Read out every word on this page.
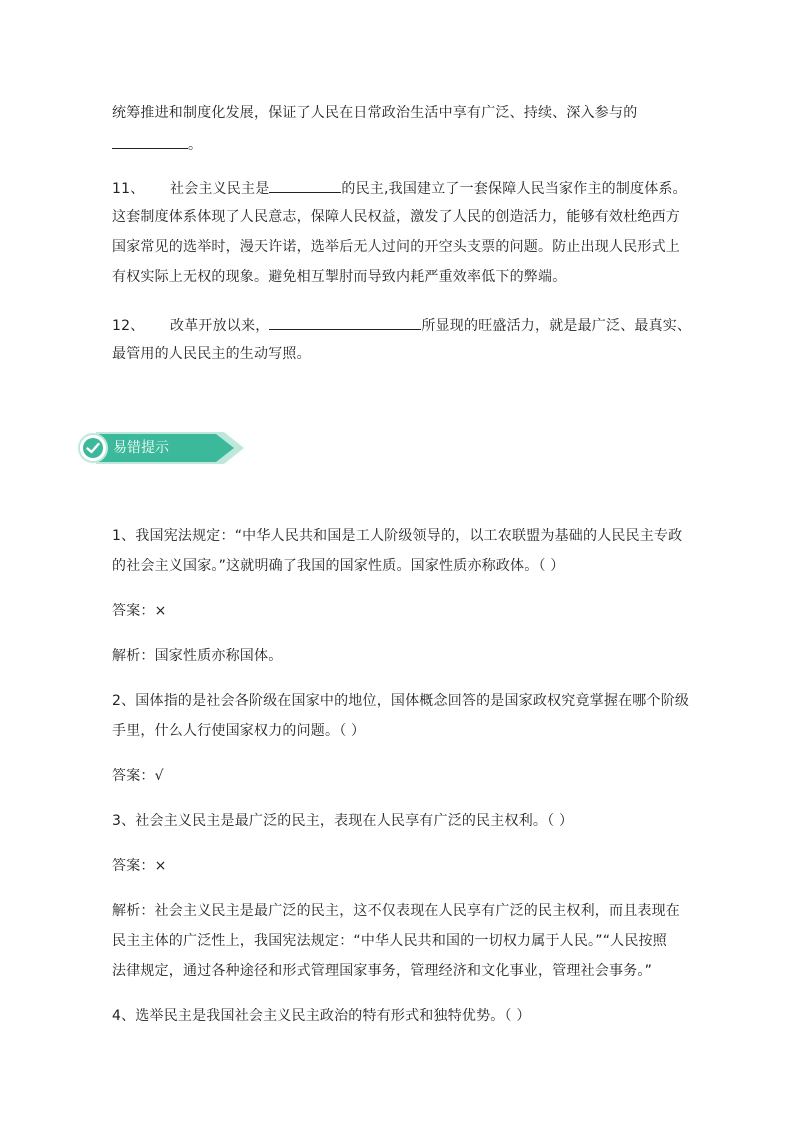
统筹推进和制度化发展，保证了人民在日常政治生活中享有广泛、持续、深入参与的
。
11、 社会主义民主是	的民主,我国建立了一套保障人民当家作主的制度体系。
这套制度体系体现了人民意志，保障人民权益，激发了人民的创造活力，能够有效杜绝西方
国家常见的选举时，漫天许诺，选举后无人过问的开空头支票的问题。防止出现人民形式上
有权实际上无权的现象。避免相互掣肘而导致内耗严重效率低下的弊端。
12、 改革开放以来，	所显现的旺盛活力，就是最广泛、最真实、
最管用的人民民主的生动写照。
易错提示
1、我国宪法规定：“中华人民共和国是工人阶级领导的，以工农联盟为基础的人民民主专政
的社会主义国家。”这就明确了我国的国家性质。国家性质亦称政体。（ ）
答案：×
解析：国家性质亦称国体。
2、国体指的是社会各阶级在国家中的地位，国体概念回答的是国家政权究竟掌握在哪个阶级
手里，什么人行使国家权力的问题。（ ）
答案：√
3、社会主义民主是最广泛的民主，表现在人民享有广泛的民主权利。（ ）
答案：×
解析：社会主义民主是最广泛的民主，这不仅表现在人民享有广泛的民主权利，而且表现在
民主主体的广泛性上，我国宪法规定：“中华人民共和国的一切权力属于人民。”“人民按照
法律规定，通过各种途径和形式管理国家事务，管理经济和文化事业，管理社会事务。”
4、选举民主是我国社会主义民主政治的特有形式和独特优势。（ ）
